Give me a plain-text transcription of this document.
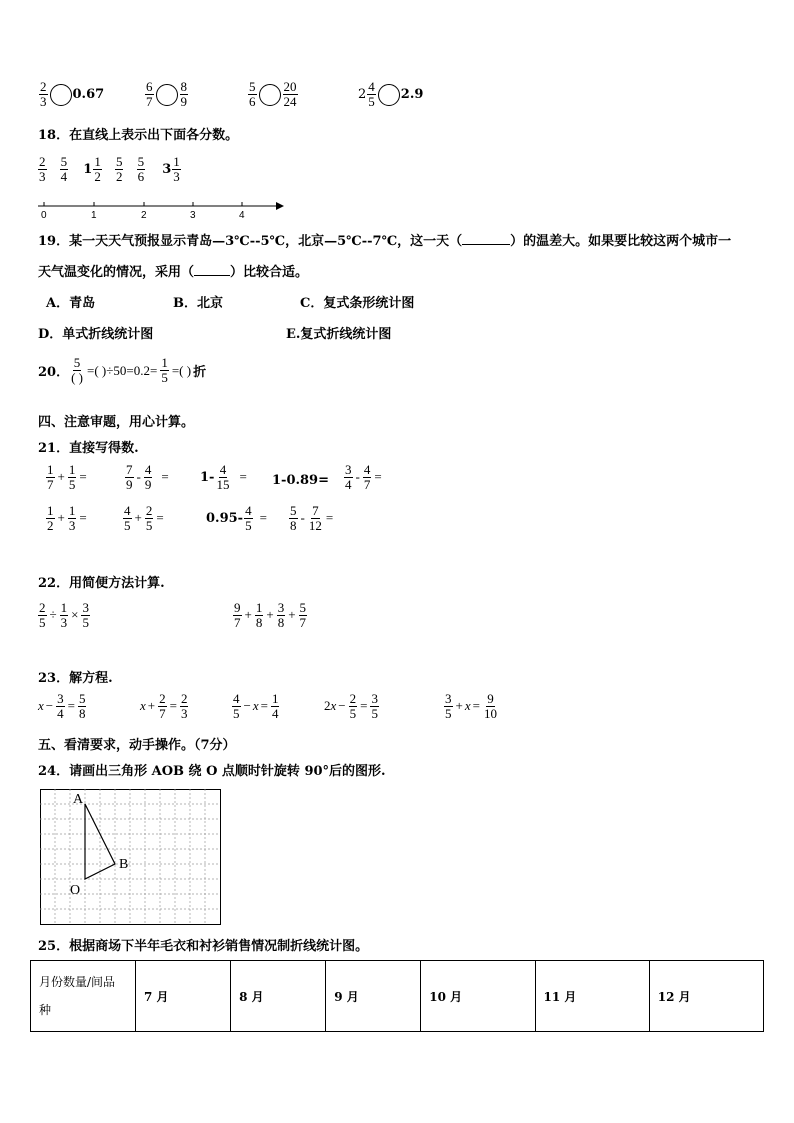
$\frac{2}{3} 0.67$	$\frac{6}{7} \frac{8}{9}$	$\frac{5}{6} \frac{20}{24}$	$2 \frac{4}{5} 2.9$
18．在直线上表示出下面各分数。
$\frac{2}{3}$
$\frac{5}{4} 1 \frac{1}{2}$
$\frac{5}{2}$
$\frac{5}{6} 3 \frac{1}{3}$
0	1	2	3	4
19．某一天天气预报显示青岛—3℃--5℃，北京—5℃--7℃，这一天（	）的温差大。如果要比较这两个城市一
天气温变化的情况，采用（	）比较合适。
A．青岛	B．北京	C．复式条形统计图
D．单式折线统计图	E.复式折线统计图
20． $\frac{5}{( )}$ =( )$\div 50=0.2= \frac{1}{5}$ =( ) 折
四、注意审题，用心计算。
21．直接写得数.
$\frac{1}{7} + \frac{1}{5}$ =	$\frac{7}{9} - \frac{4}{9} = 1- \frac{4}{15} = 1-0.89= \frac{3}{4} - \frac{4}{7}$ =
$\frac{1}{2} + \frac{1}{3}$ =	$\frac{4}{5} + \frac{2}{5}$ =	$0.95- \frac{4}{5} = \frac{5}{8} - \frac{7}{12}$ =
22．用简便方法计算.
$\frac{2}{5} \div \frac{1}{3} \times \frac{3}{5}$	$\frac{9}{7} + \frac{1}{8} + \frac{3}{8} + \frac{5}{7}$
23．解方程.
$x - \frac{3}{4} = \frac{5}{8}$	$x + \frac{2}{7} = \frac{2}{3}$	$\frac{4}{5} - x = \frac{1}{4}$	$2x - \frac{2}{5} = \frac{3}{5}$	$\frac{3}{5} + x = \frac{9}{10}$
五、看清要求，动手操作。（7分）
24．请画出三角形 AOB 绕 O 点顺时针旋转 90°后的图形.
A
B
O
25．根据商场下半年毛衣和衬衫销售情况制折线统计图。
月份数量/间品
种
	7 月	8 月	9 月	10 月	11 月	12 月
